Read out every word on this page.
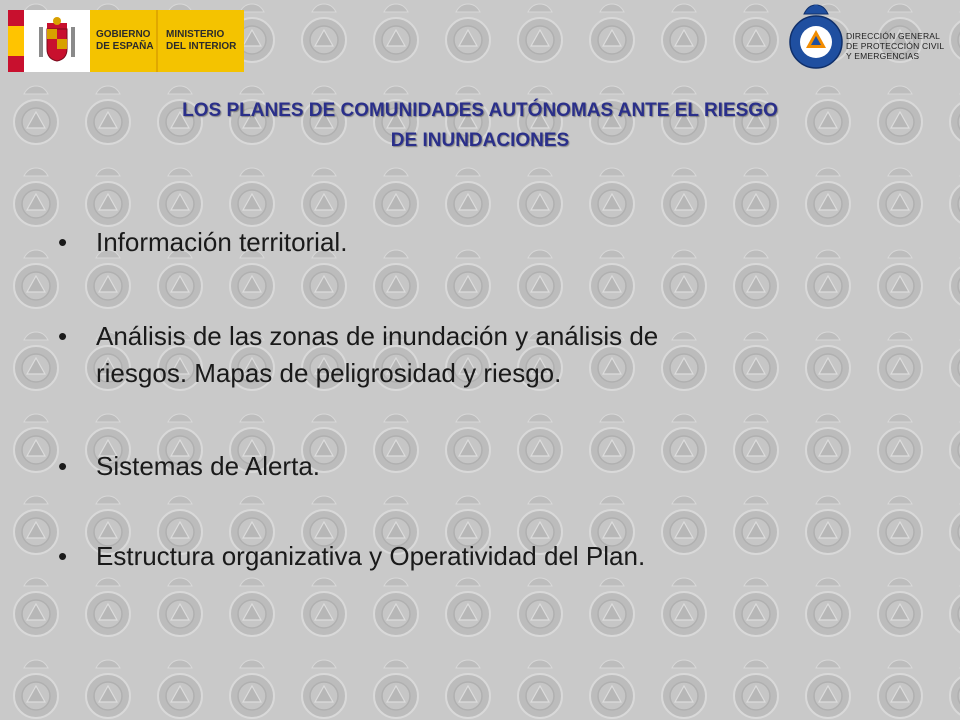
GOBIERNO
DE ESPAÑA
MINISTERIO
DEL INTERIOR
DIRECCIÓN GENERAL
DE PROTECCIÓN CIVIL
Y EMERGENCIAS
LOS PLANES DE COMUNIDADES AUTÓNOMAS ANTE EL RIESGO
DE INUNDACIONES
•	Información territorial.
•	Análisis de las zonas de inundación y análisis de
riesgos. Mapas de peligrosidad y riesgo.
•	Sistemas de Alerta.
•	Estructura organizativa y Operatividad del Plan.
